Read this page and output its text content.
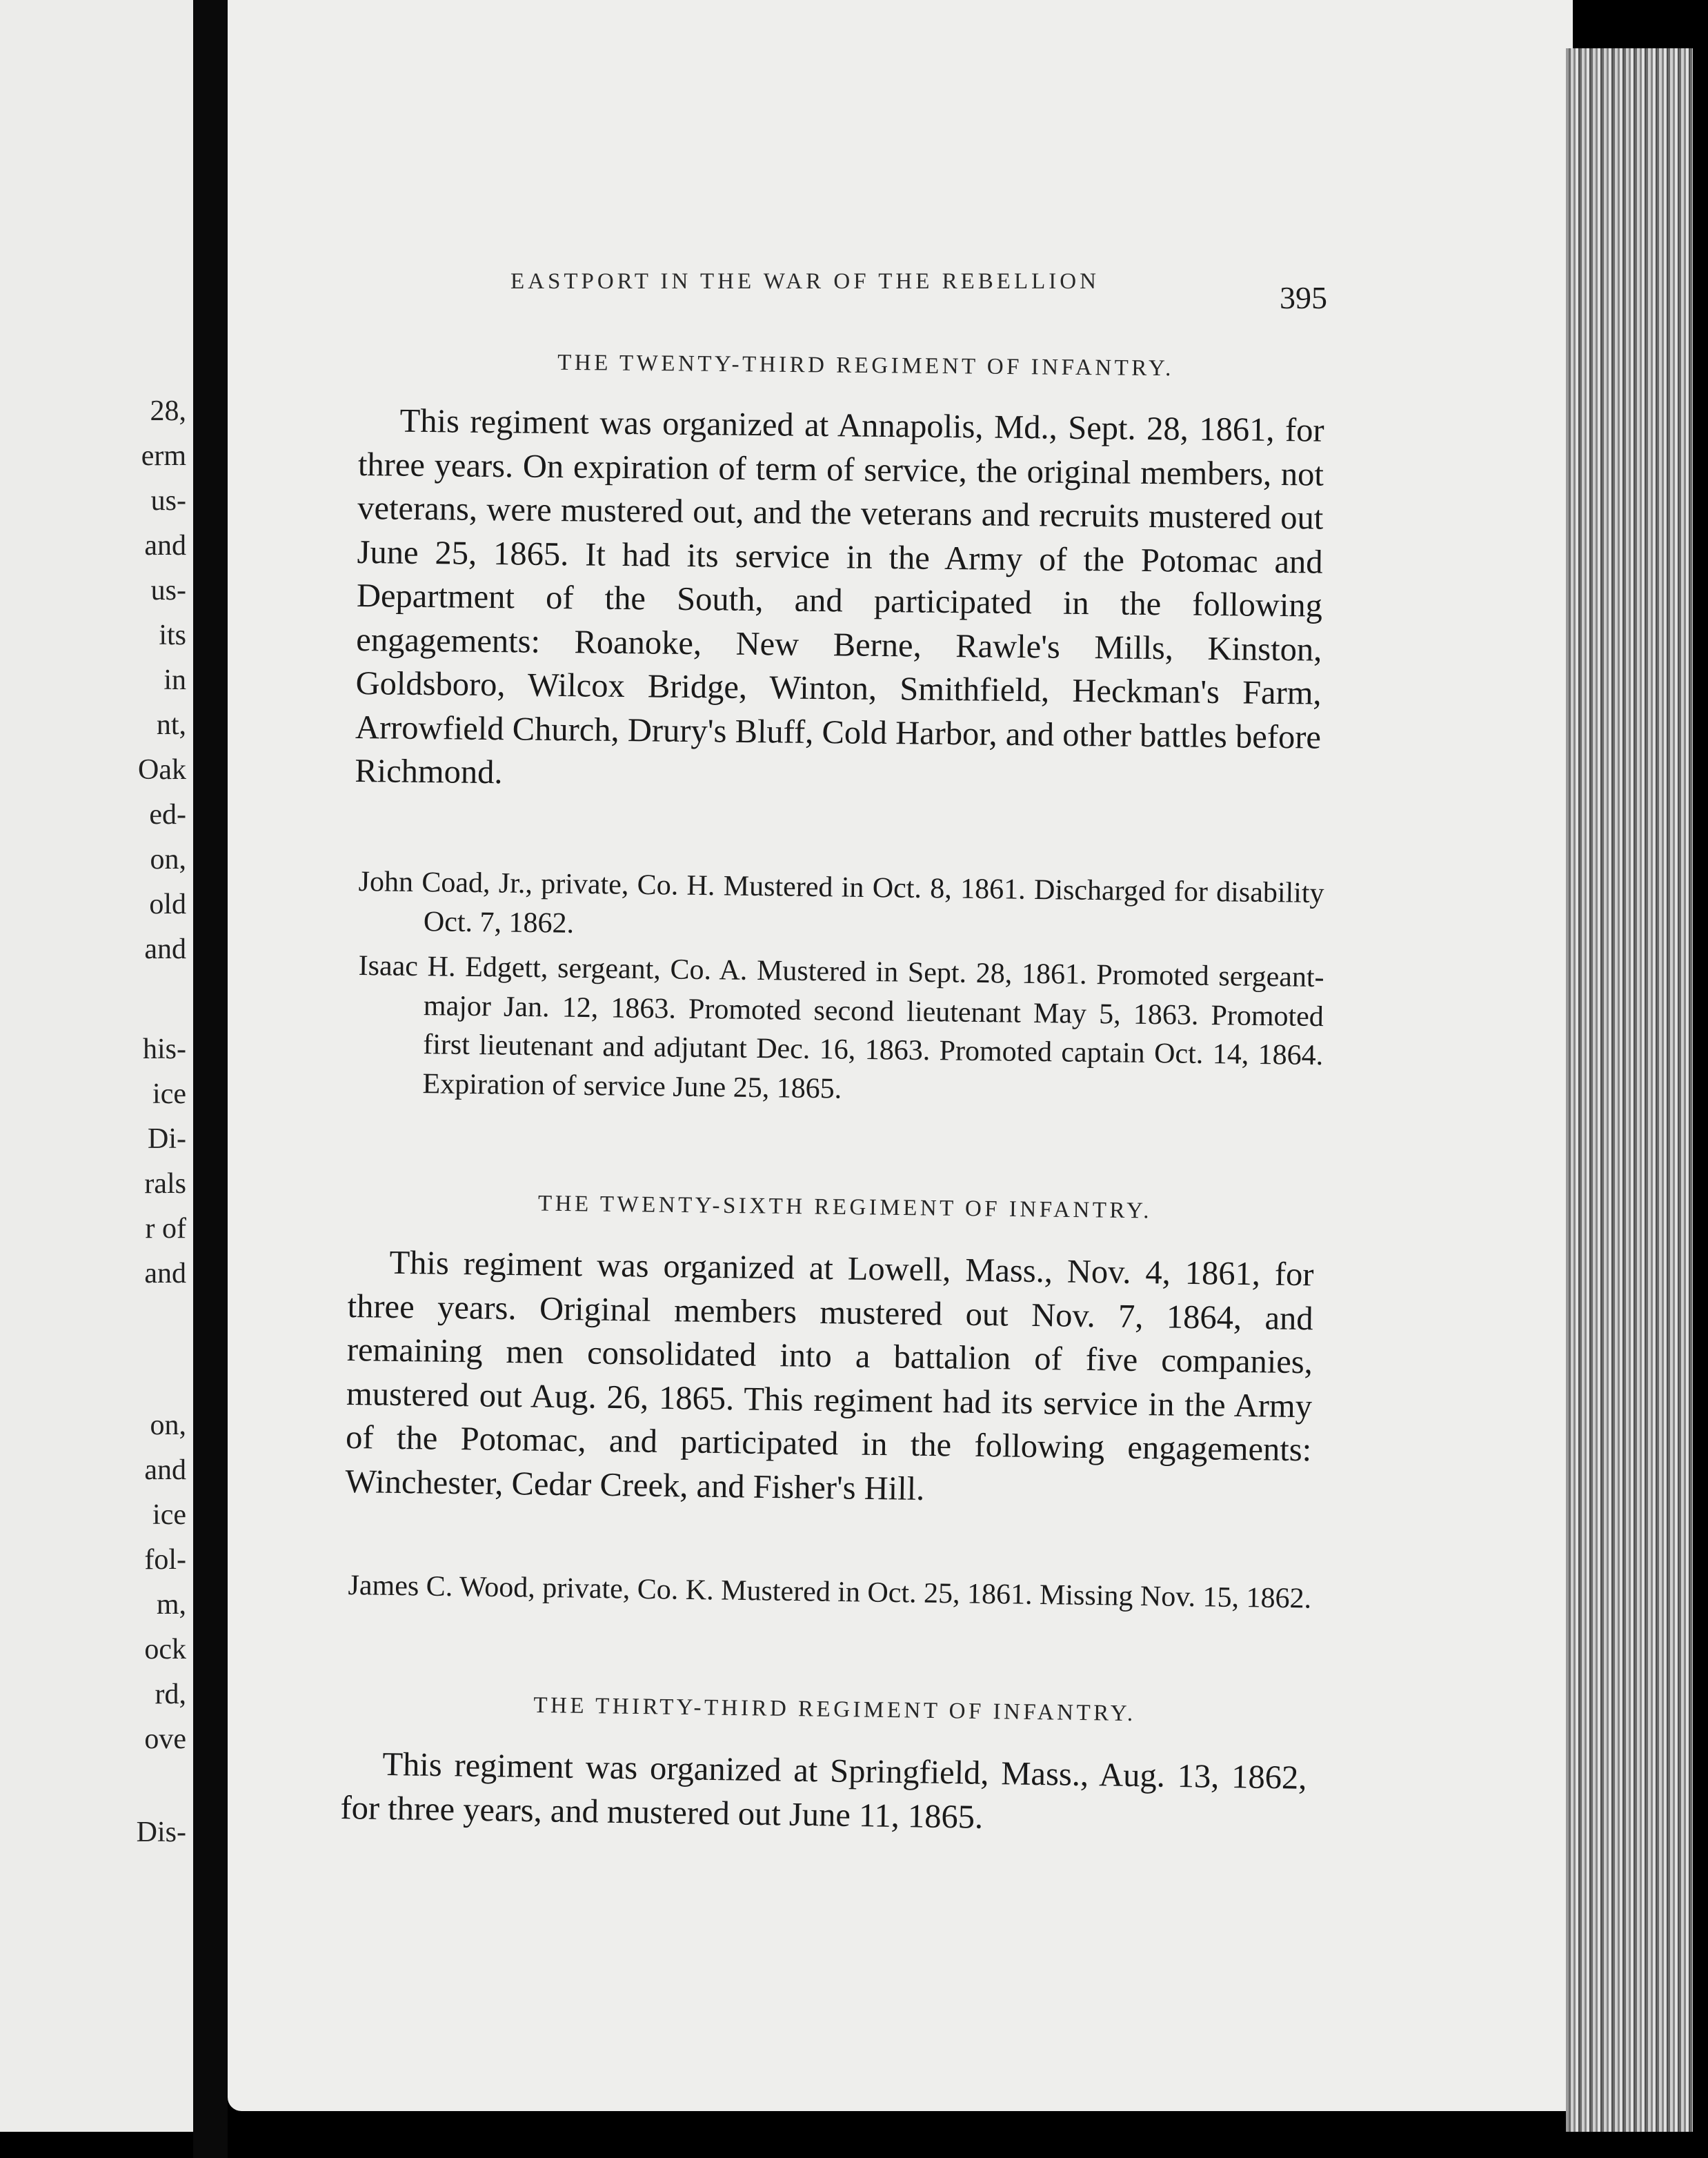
28,
erm
us-
and
us-
its
in
nt,
Oak
ed-
on,
old
and
his-
ice
Di-
rals
r of
and
on,
and
ice
fol-
m,
ock
rd,
ove
Dis-
EASTPORT IN THE WAR OF THE REBELLION	395
THE TWENTY-THIRD REGIMENT OF INFANTRY.

This regiment was organized at Annapolis, Md., Sept. 28, 1861, for three years. On expiration of term of service, the original members, not veterans, were mustered out, and the veterans and recruits mustered out June 25, 1865. It had its service in the Army of the Potomac and Department of the South, and participated in the following engagements: Roanoke, New Berne, Rawle's Mills, Kinston, Goldsboro, Wilcox Bridge, Winton, Smithfield, Heckman's Farm, Arrowfield Church, Drury's Bluff, Cold Harbor, and other battles before Richmond.

John Coad, Jr., private, Co. H. Mustered in Oct. 8, 1861. Discharged for disability Oct. 7, 1862.

Isaac H. Edgett, sergeant, Co. A. Mustered in Sept. 28, 1861. Promoted sergeant-major Jan. 12, 1863. Promoted second lieutenant May 5, 1863. Promoted first lieutenant and adjutant Dec. 16, 1863. Promoted captain Oct. 14, 1864. Expiration of service June 25, 1865.

THE TWENTY-SIXTH REGIMENT OF INFANTRY.

This regiment was organized at Lowell, Mass., Nov. 4, 1861, for three years. Original members mustered out Nov. 7, 1864, and remaining men consolidated into a battalion of five companies, mustered out Aug. 26, 1865. This regiment had its service in the Army of the Potomac, and participated in the following engagements: Winchester, Cedar Creek, and Fisher's Hill.

James C. Wood, private, Co. K. Mustered in Oct. 25, 1861. Missing Nov. 15, 1862.

THE THIRTY-THIRD REGIMENT OF INFANTRY.

This regiment was organized at Springfield, Mass., Aug. 13, 1862, for three years, and mustered out June 11, 1865.
